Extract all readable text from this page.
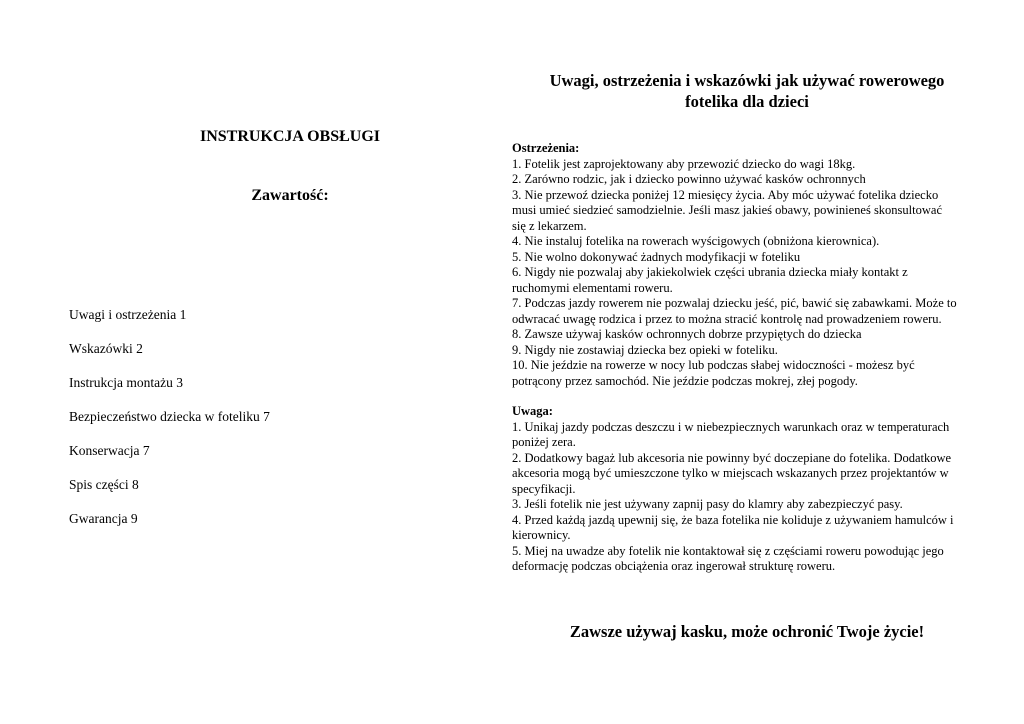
INSTRUKCJA OBSŁUGI
Zawartość:
Uwagi i ostrzeżenia 1
Wskazówki 2
Instrukcja montażu 3
Bezpieczeństwo dziecka w foteliku 7
Konserwacja 7
Spis części 8
Gwarancja 9
Uwagi, ostrzeżenia i wskazówki jak używać rowerowego
fotelika dla dzieci
Ostrzeżenia:
1. Fotelik jest zaprojektowany aby przewozić dziecko do wagi 18kg.
2. Zarówno rodzic, jak i dziecko powinno używać kasków ochronnych
3. Nie przewoź dziecka poniżej 12 miesięcy życia. Aby móc używać fotelika dziecko musi umieć siedzieć samodzielnie. Jeśli masz jakieś obawy, powinieneś skonsultować się z lekarzem.
4. Nie instaluj fotelika na rowerach wyścigowych (obniżona kierownica).
5. Nie wolno dokonywać żadnych modyfikacji w foteliku
6. Nigdy nie pozwalaj aby jakiekolwiek części ubrania dziecka miały kontakt z ruchomymi elementami roweru.
7. Podczas jazdy rowerem nie pozwalaj dziecku jeść, pić, bawić się zabawkami. Może to
odwracać uwagę rodzica i przez to można stracić kontrolę nad prowadzeniem roweru.
8. Zawsze używaj kasków ochronnych dobrze przypiętych do dziecka
9. Nigdy nie zostawiaj dziecka bez opieki w foteliku.
10. Nie jeździe na rowerze w nocy lub podczas słabej widoczności - możesz być potrącony przez samochód. Nie jeździe podczas mokrej, złej pogody.
Uwaga:
1. Unikaj jazdy podczas deszczu i w niebezpiecznych warunkach oraz w temperaturach poniżej zera.
2. Dodatkowy bagaż lub akcesoria nie powinny być doczepiane do fotelika. Dodatkowe akcesoria mogą być umieszczone tylko w miejscach wskazanych przez projektantów w specyfikacji.
3. Jeśli fotelik nie jest używany zapnij pasy do klamry aby zabezpieczyć pasy.
4. Przed każdą jazdą upewnij się, że baza fotelika nie koliduje z używaniem hamulców i kierownicy.
5. Miej na uwadze aby fotelik nie kontaktował się z częściami roweru powodując jego deformację podczas obciążenia oraz ingerował strukturę roweru.
Zawsze używaj kasku, może ochronić Twoje życie!
